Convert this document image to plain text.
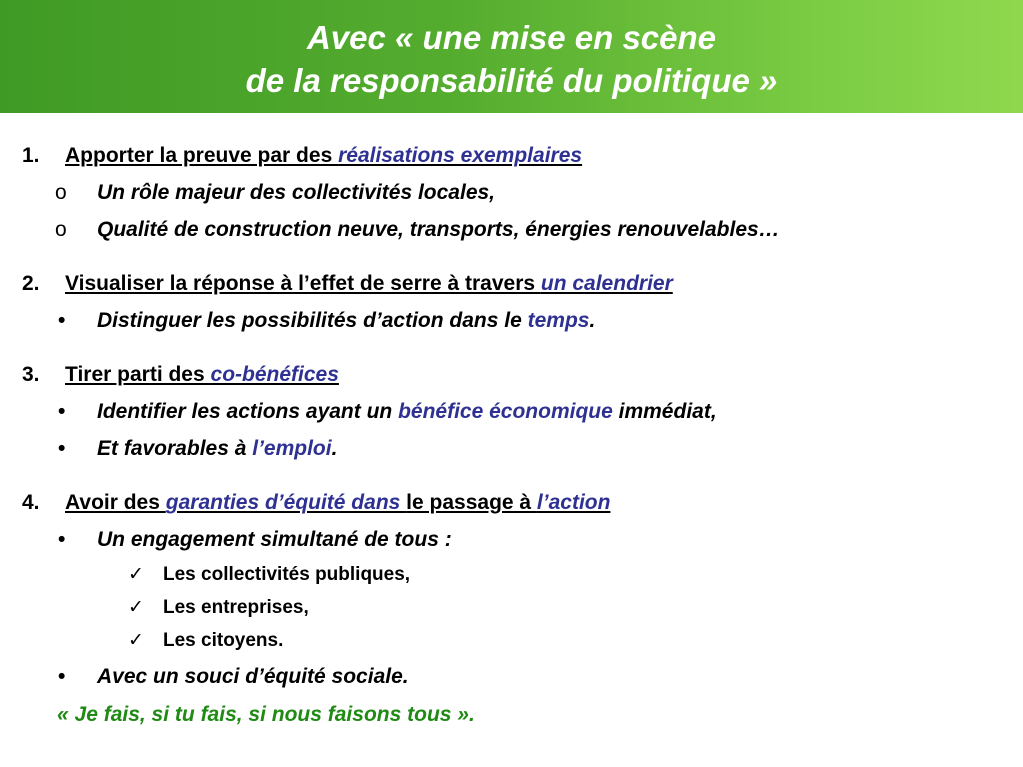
Avec « une mise en scène

de la responsabilité du politique »

1. Apporter la preuve par des réalisations exemplaires
o Un rôle majeur des collectivités locales,
o Qualité de construction neuve, transports, énergies renouvelables…
2. Visualiser la réponse à l’effet de serre à travers un calendrier
• Distinguer les possibilités d’action dans le temps.
3. Tirer parti des co-bénéfices
• Identifier les actions ayant un bénéfice économique immédiat,
• Et favorables à l’emploi.
4. Avoir des garanties d’équité dans le passage à l’action
• Un engagement simultané de tous :
✓ Les collectivités publiques,
✓ Les entreprises,
✓ Les citoyens.
• Avec un souci d’équité sociale.
« Je fais, si tu fais, si nous faisons tous ».
